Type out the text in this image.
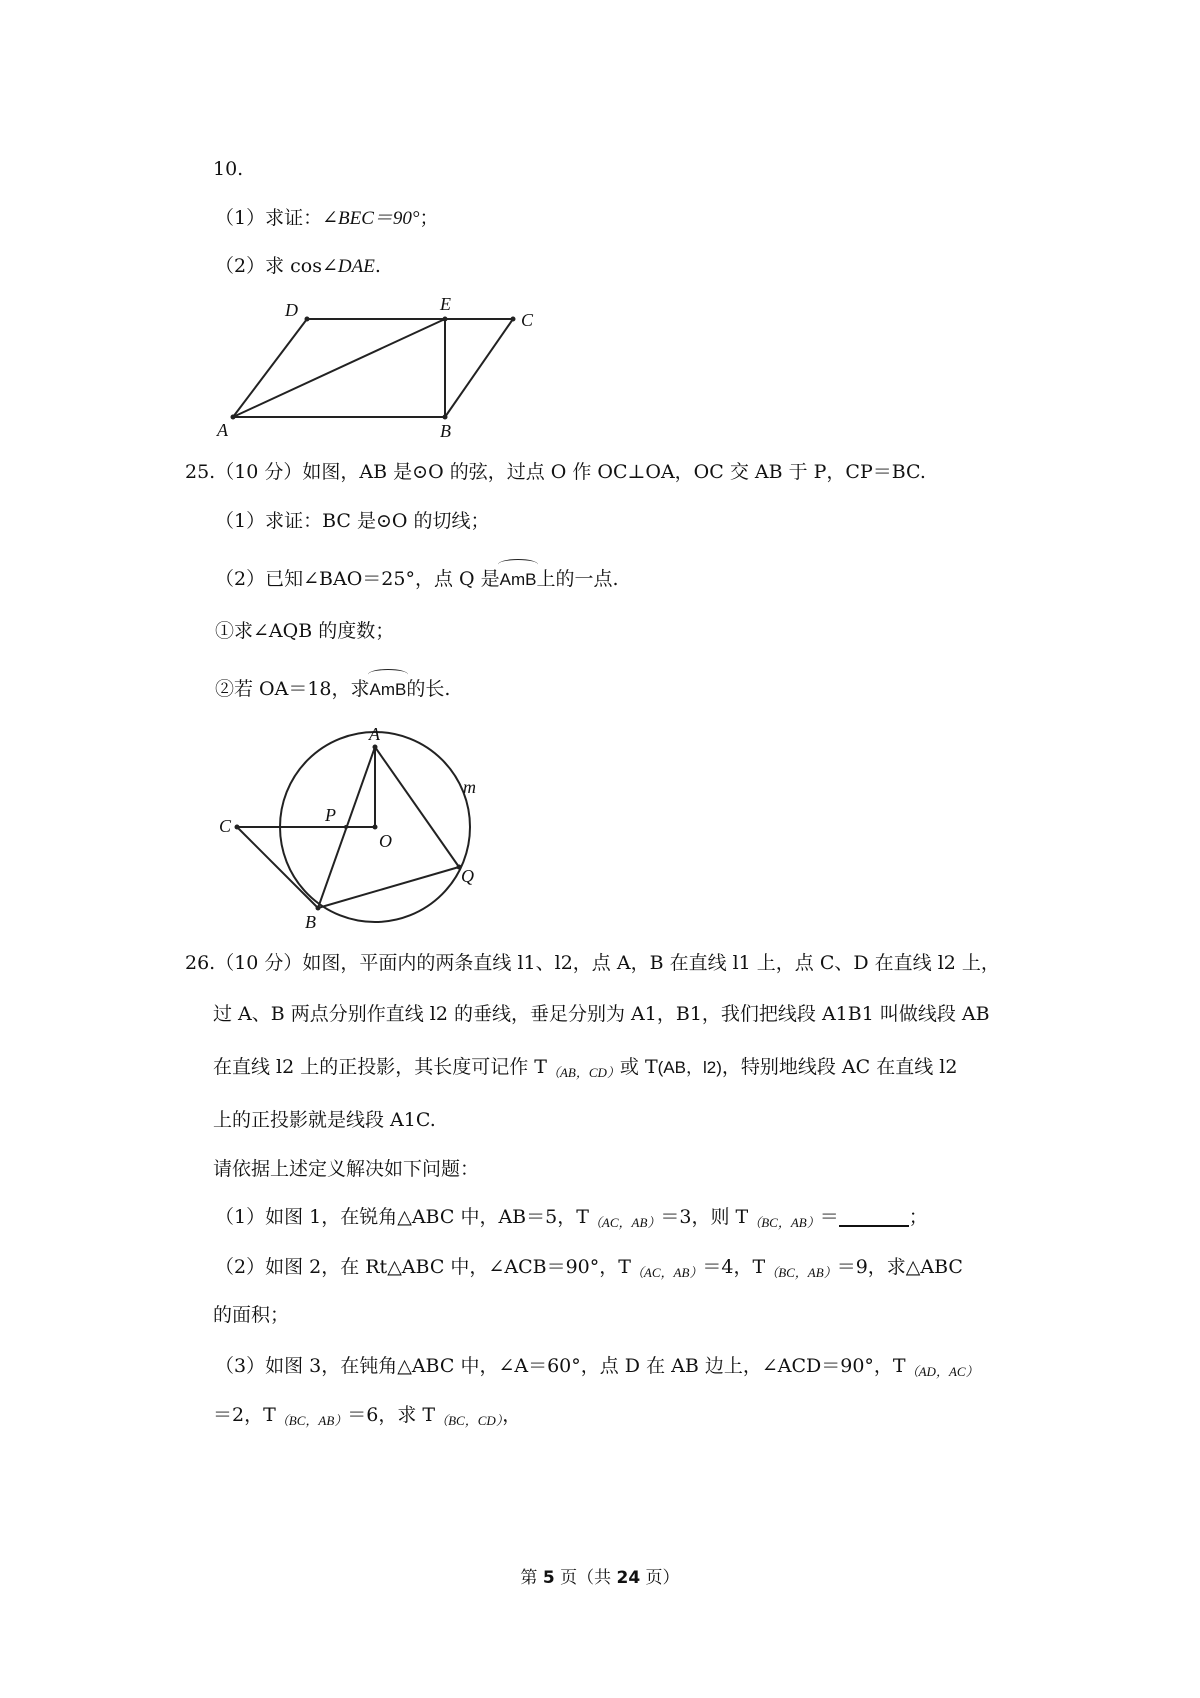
10.
（1）求证：∠BEC＝90°；
（2）求 cos∠DAE.
D	E
C
A	B
25.（10 分）如图，AB 是⊙O 的弦，过点 O 作 OC⊥OA，OC 交 AB 于 P，CP＝BC.
（1）求证：BC 是⊙O 的切线；
（2）已知∠BAO＝25°，点 Q 是AmB上的一点.
①求∠AQB 的度数；
②若 OA＝18，求AmB的长.
A
m
C
P
O
Q
B
26.（10 分）如图，平面内的两条直线 l1、l2，点 A，B 在直线 l1 上，点 C、D 在直线 l2 上，
过 A、B 两点分别作直线 l2 的垂线，垂足分别为 A1，B1，我们把线段 A1B1 叫做线段 AB
在直线 l2 上的正投影，其长度可记作 $T_{(AB,CD)}$或 T(AB，l2)，特别地线段 AC 在直线 l2
上的正投影就是线段 A1C.
请依据上述定义解决如下问题：
（1）如图 1，在锐角△ABC 中，AB＝5，$T_{(AC,AB)}=3$，则 $T_{(BC,AB)}=$	；
（2）如图 2，在 Rt△ABC 中，∠ACB＝90°，$T_{(AC,AB)}=4$，$T_{(BC,AB)}=9$，求△ABC
的面积；
（3）如图 3，在钝角△ABC 中，∠A＝60°，点 D 在 AB 边上，∠ACD＝90°，$T_{(AD,AC)}$
＝2，$T_{(BC,AB)}=6$，求 $T_{(BC,CD)}$，
第 5 页（共 24 页）
